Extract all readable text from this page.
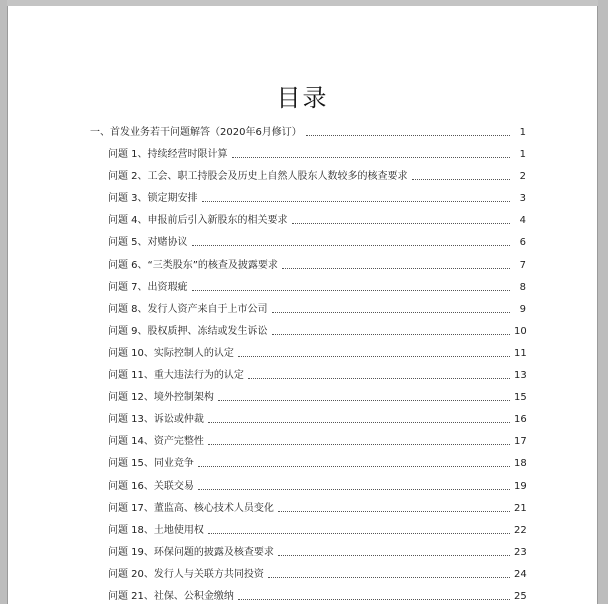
目录
一、首发业务若干问题解答（2020年6月修订）	1
问题 1、持续经营时限计算	1
问题 2、工会、职工持股会及历史上自然人股东人数较多的核查要求	2
问题 3、锁定期安排	3
问题 4、申报前后引入新股东的相关要求	4
问题 5、对赌协议	6
问题 6、“三类股东”的核查及披露要求	7
问题 7、出资瑕疵	8
问题 8、发行人资产来自于上市公司	9
问题 9、股权质押、冻结或发生诉讼	10
问题 10、实际控制人的认定	11
问题 11、重大违法行为的认定	13
问题 12、境外控制架构	15
问题 13、诉讼或仲裁	16
问题 14、资产完整性	17
问题 15、同业竞争	18
问题 16、关联交易	19
问题 17、董监高、核心技术人员变化	21
问题 18、土地使用权	22
问题 19、环保问题的披露及核查要求	23
问题 20、发行人与关联方共同投资	24
问题 21、社保、公积金缴纳	25
